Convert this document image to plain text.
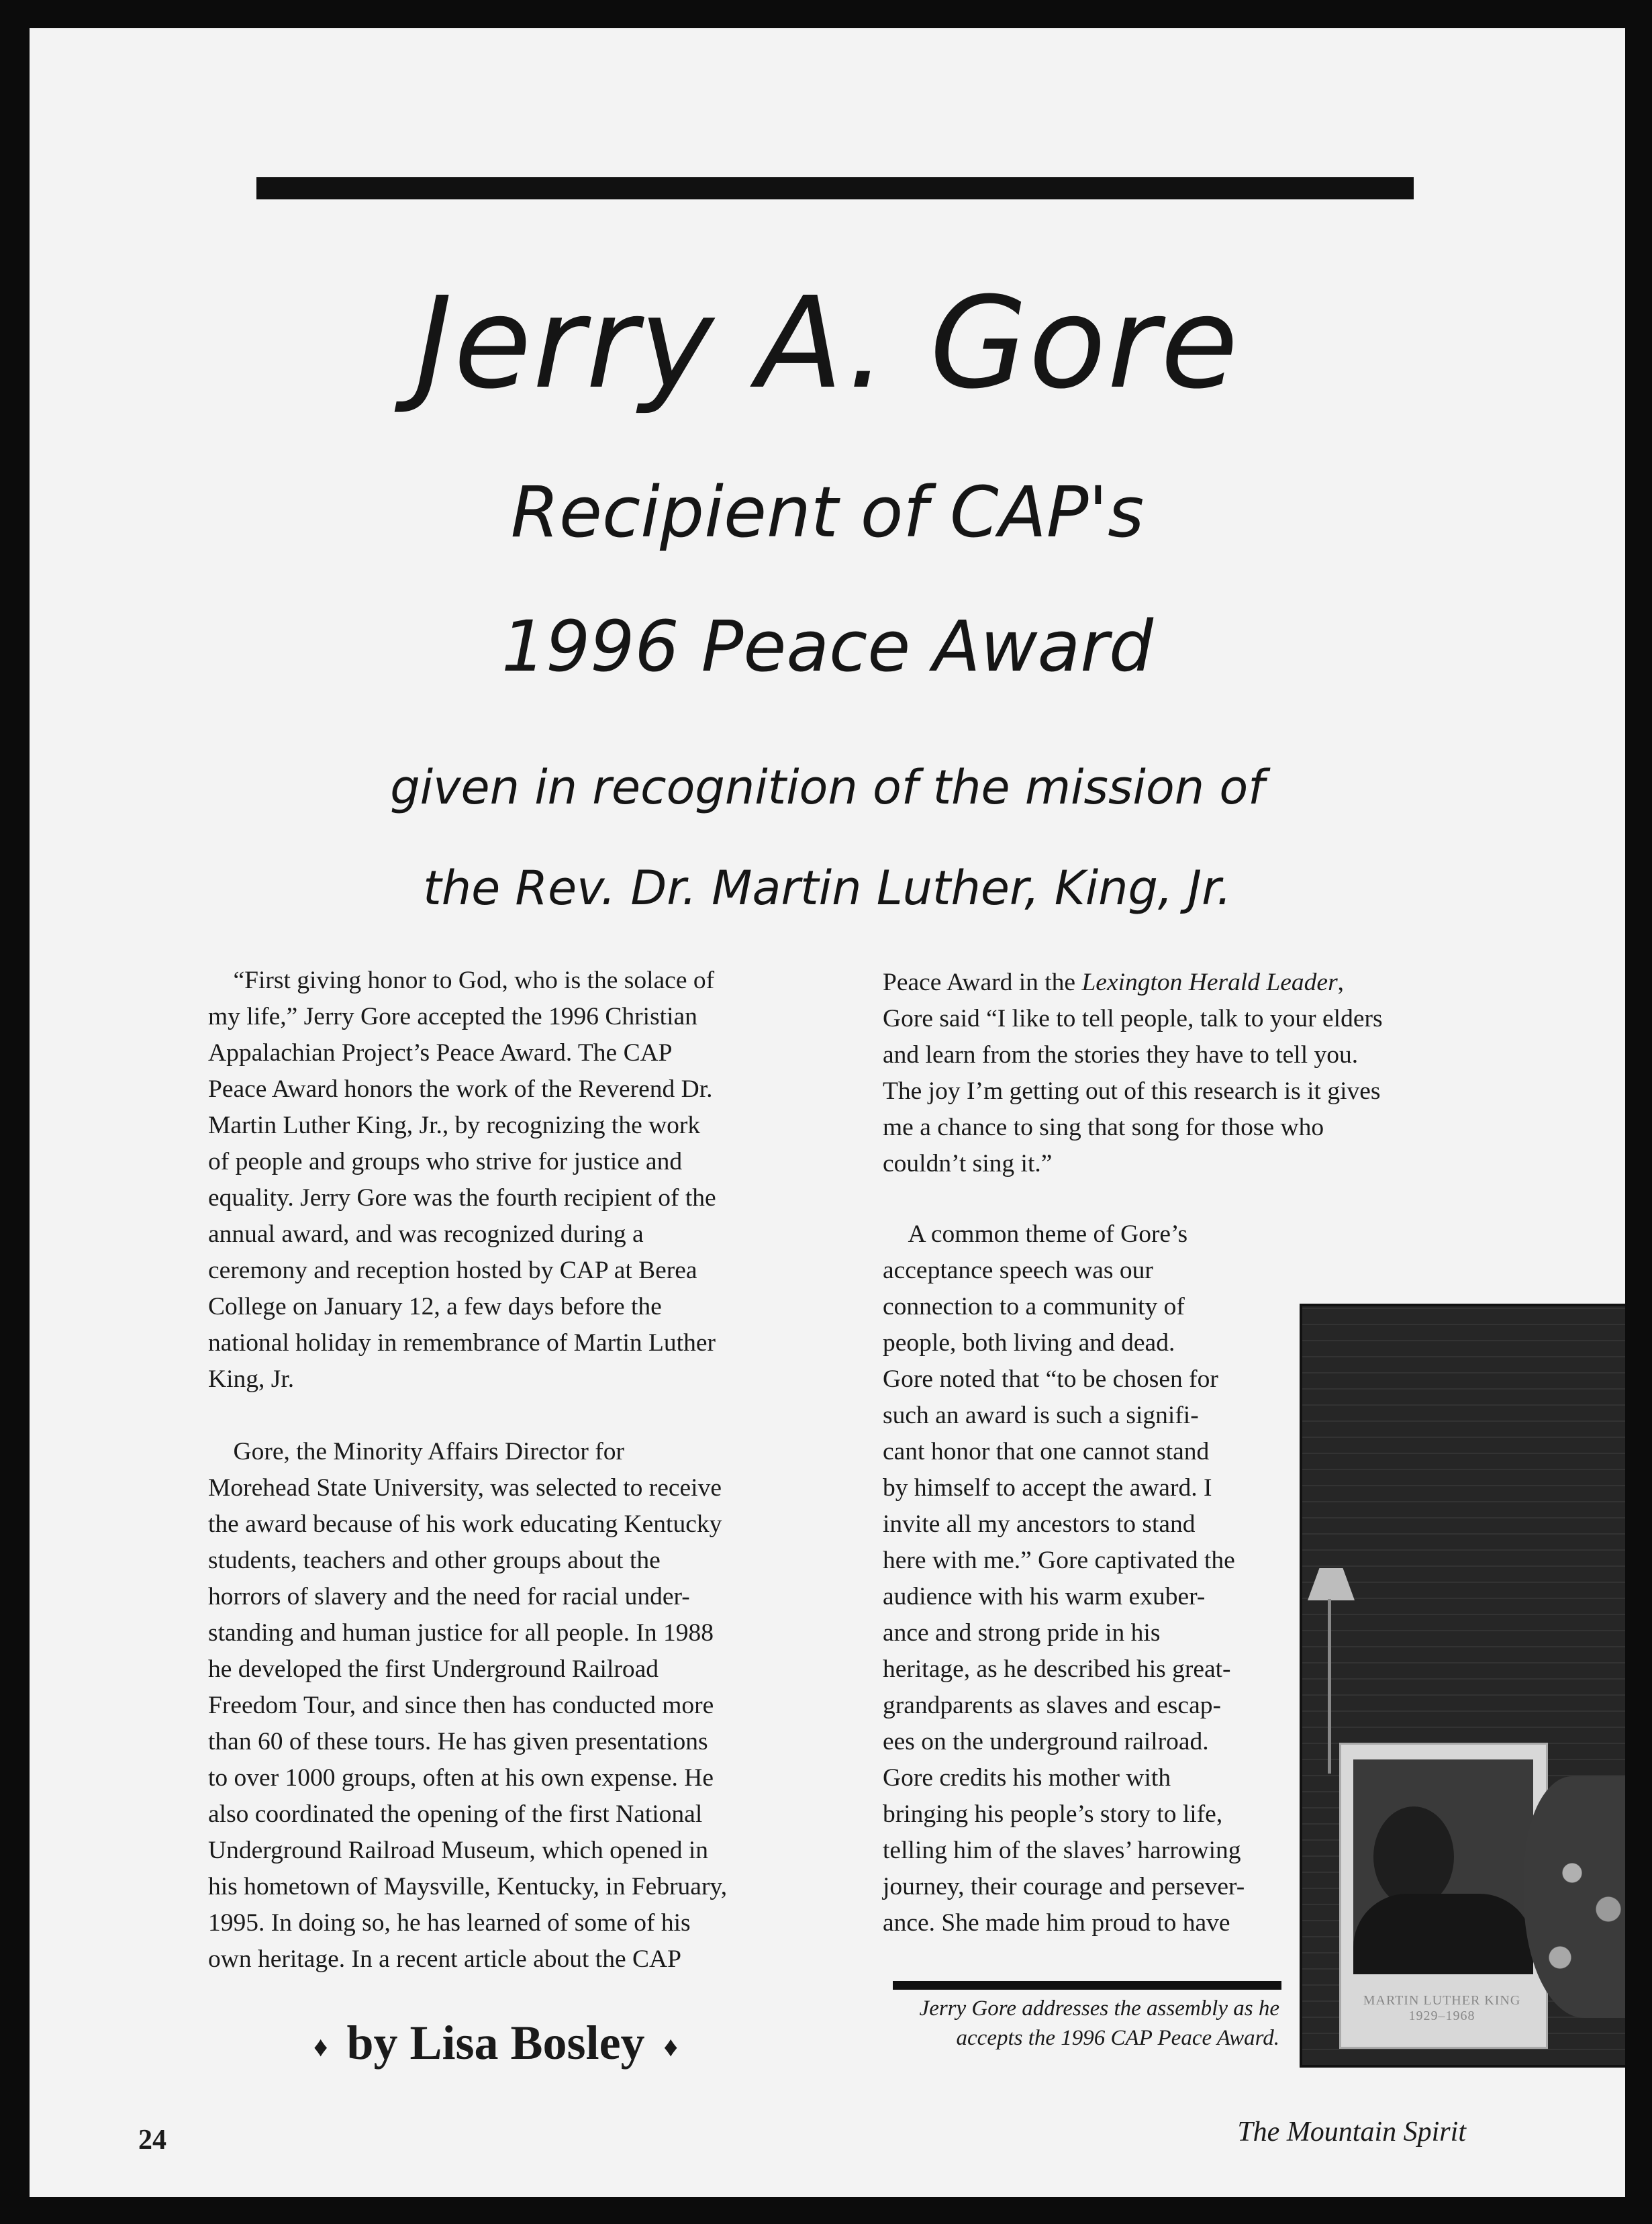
Jerry A. Gore
Recipient of CAP's
1996 Peace Award
given in recognition of the mission of
the Rev. Dr. Martin Luther, King, Jr.
“First giving honor to God, who is the solace of
my life,” Jerry Gore accepted the 1996 Christian
Appalachian Project’s Peace Award. The CAP
Peace Award honors the work of the Reverend Dr.
Martin Luther King, Jr., by recognizing the work
of people and groups who strive for justice and
equality. Jerry Gore was the fourth recipient of the
annual award, and was recognized during a
ceremony and reception hosted by CAP at Berea
College on January 12, a few days before the
national holiday in remembrance of Martin Luther
King, Jr.
Gore, the Minority Affairs Director for
Morehead State University, was selected to receive
the award because of his work educating Kentucky
students, teachers and other groups about the
horrors of slavery and the need for racial under-
standing and human justice for all people. In 1988
he developed the first Underground Railroad
Freedom Tour, and since then has conducted more
than 60 of these tours. He has given presentations
to over 1000 groups, often at his own expense. He
also coordinated the opening of the first National
Underground Railroad Museum, which opened in
his hometown of Maysville, Kentucky, in February,
1995. In doing so, he has learned of some of his
own heritage. In a recent article about the CAP
Peace Award in the Lexington Herald Leader,
Gore said “I like to tell people, talk to your elders
and learn from the stories they have to tell you.
The joy I’m getting out of this research is it gives
me a chance to sing that song for those who
couldn’t sing it.”
A common theme of Gore’s
acceptance speech was our
connection to a community of
people, both living and dead.
Gore noted that “to be chosen for
such an award is such a signifi-
cant honor that one cannot stand
by himself to accept the award. I
invite all my ancestors to stand
here with me.” Gore captivated the
audience with his warm exuber-
ance and strong pride in his
heritage, as he described his great-
grandparents as slaves and escap-
ees on the underground railroad.
Gore credits his mother with
bringing his people’s story to life,
telling him of the slaves’ harrowing
journey, their courage and persever-
ance. She made him proud to have
♦ by Lisa Bosley ♦
MARTIN LUTHER KING
1929–1968
Jerry Gore addresses the assembly as he
accepts the 1996 CAP Peace Award.
24	The Mountain Spirit
